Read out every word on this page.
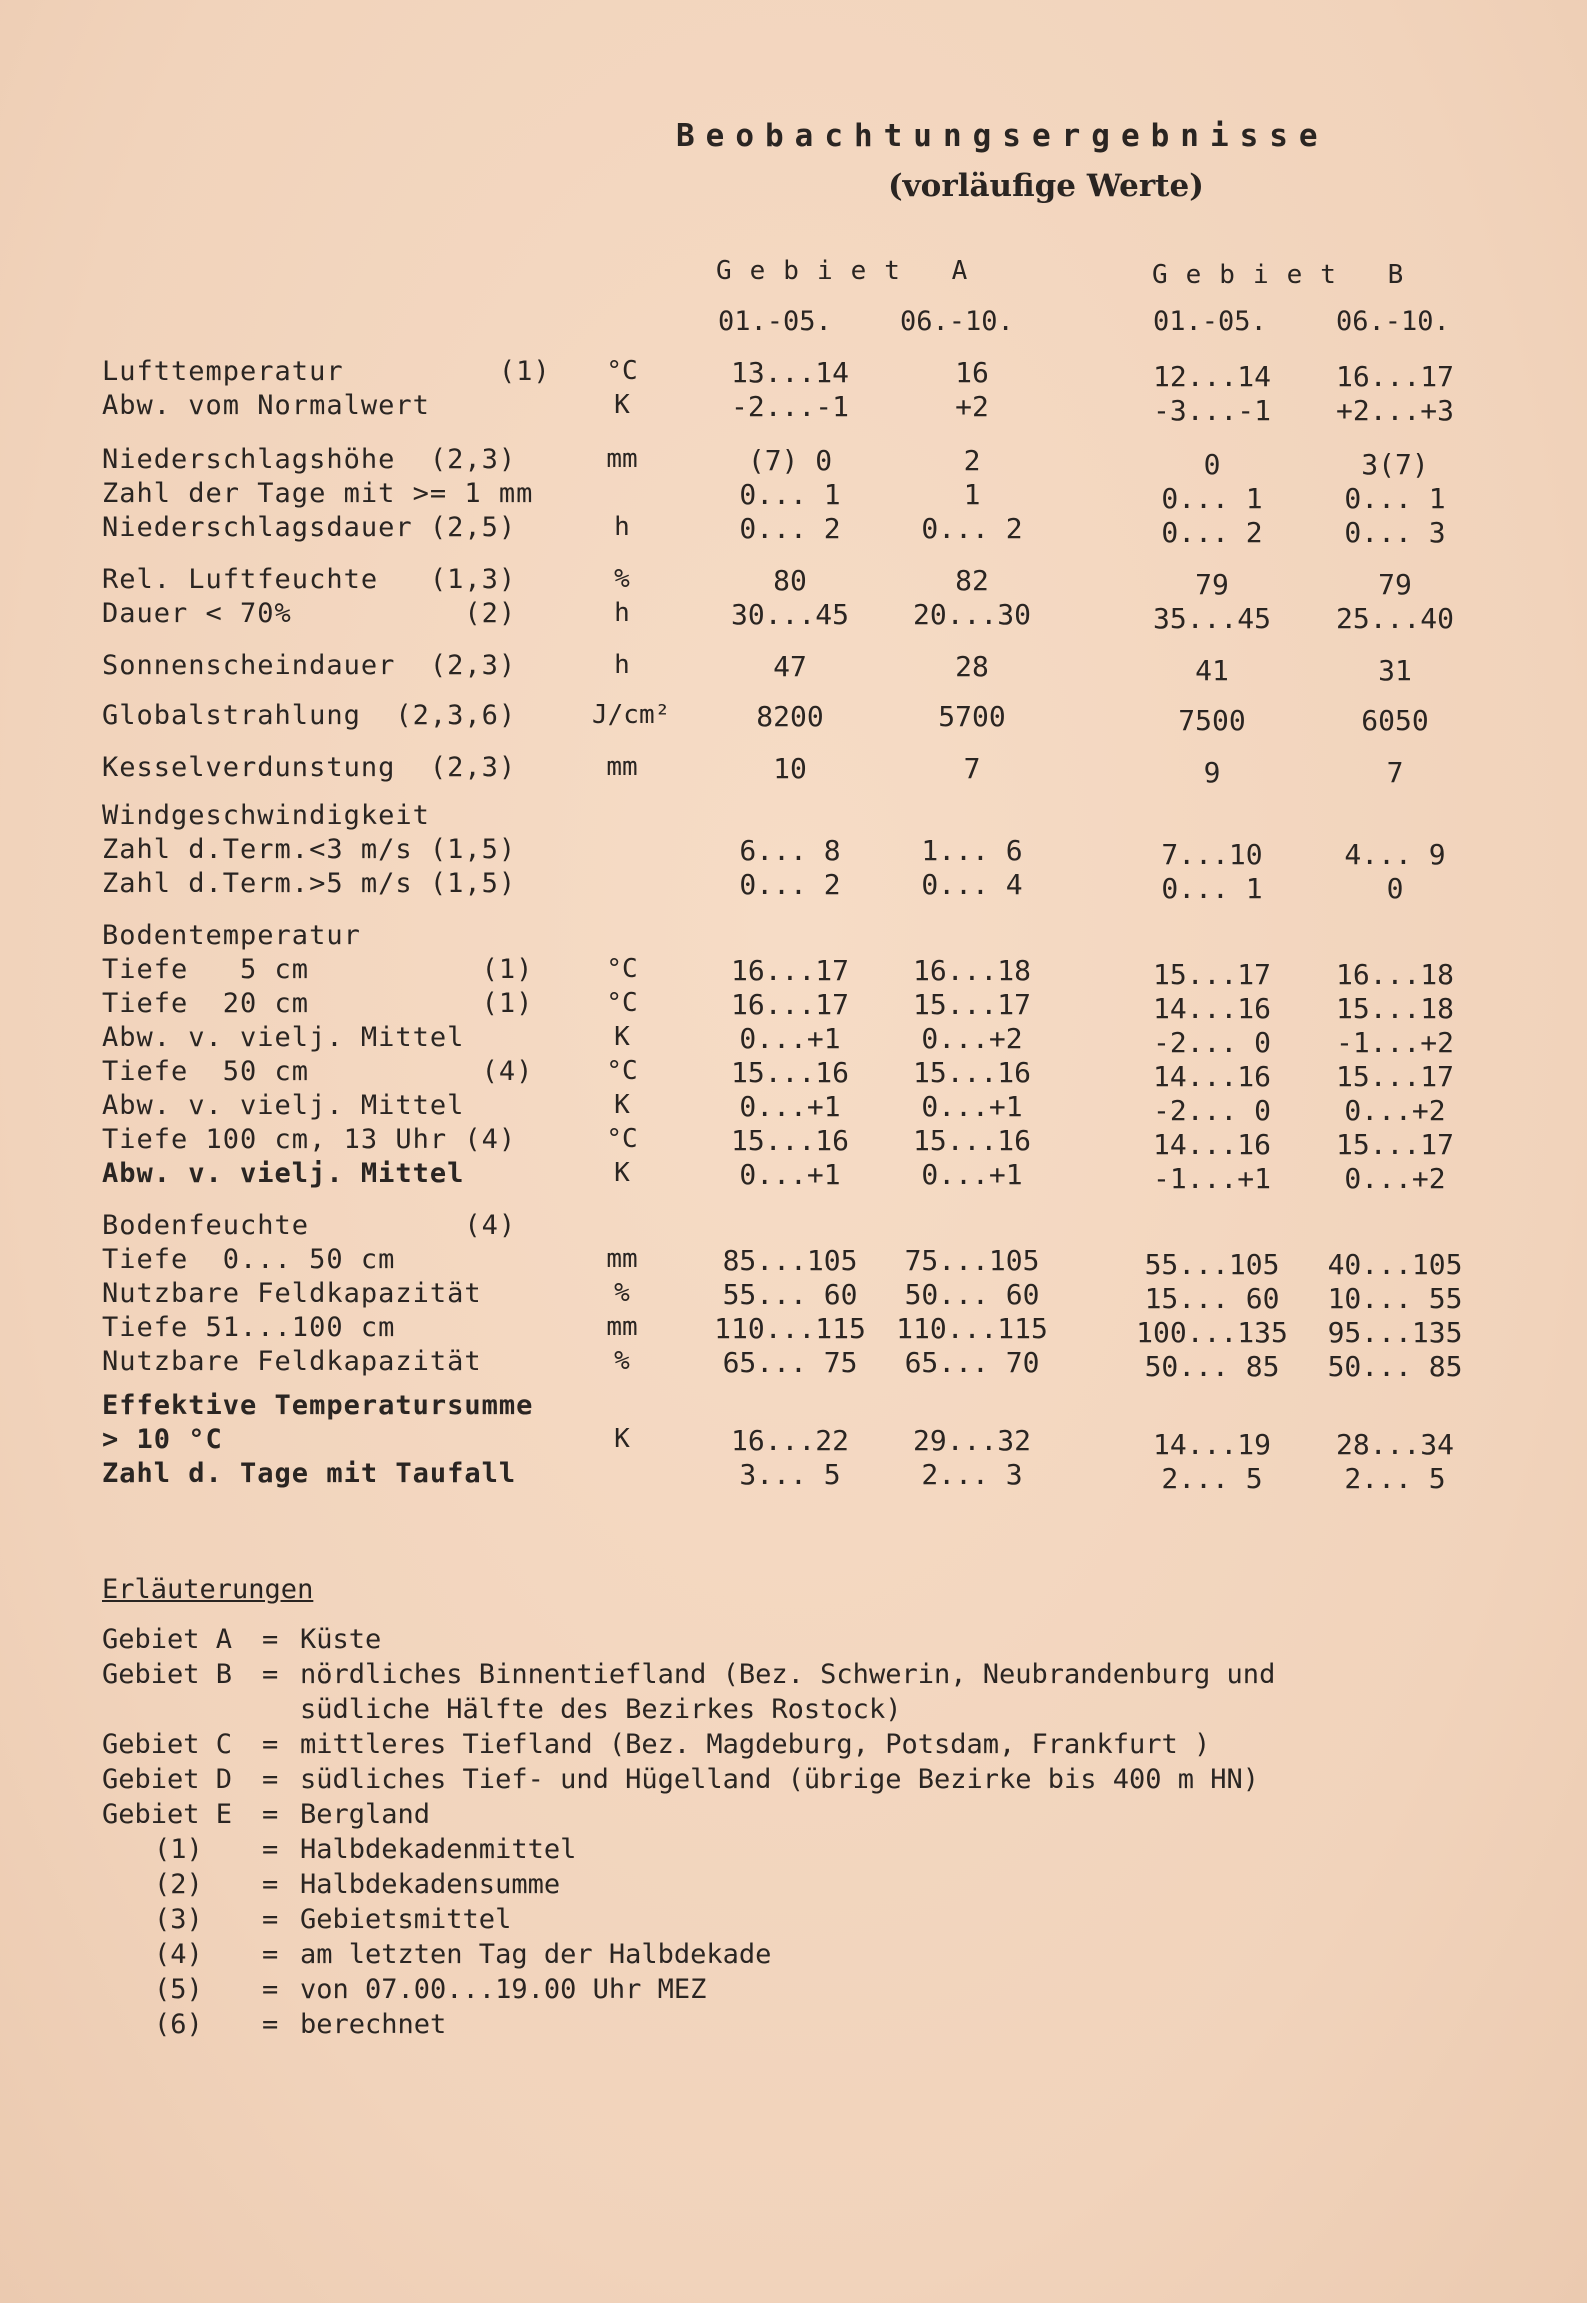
Beobachtungsergebnisse
(vorläufige Werte)
Gebiet A	Gebiet B
01.-05.	06.-10.	01.-05.	06.-10.
Lufttemperatur         (1)	°C	13...14	16	12...14	16...17
Abw. vom Normalwert	K	-2...-1	+2	-3...-1	+2...+3
Niederschlagshöhe  (2,3)	mm	(7) 0	2	0	3(7)
Zahl der Tage mit >= 1 mm	0... 1	1	0... 1	0... 1
Niederschlagsdauer (2,5)	h	0... 2	0... 2	0... 2	0... 3
Rel. Luftfeuchte   (1,3)	%	80	82	79	79
Dauer < 70%          (2)	h	30...45	20...30	35...45	25...40
Sonnenscheindauer  (2,3)	h	47	28	41	31
Globalstrahlung  (2,3,6)	J/cm²	8200	5700	7500	6050
Kesselverdunstung  (2,3)	mm	10	7	9	7
Windgeschwindigkeit
Zahl d.Term.<3 m/s (1,5)	6... 8	1... 6	7...10	4... 9
Zahl d.Term.>5 m/s (1,5)	0... 2	0... 4	0... 1	0
Bodentemperatur
Tiefe   5 cm          (1)	°C	16...17	16...18	15...17	16...18
Tiefe  20 cm          (1)	°C	16...17	15...17	14...16	15...18
Abw. v. vielj. Mittel	K	0...+1	0...+2	-2... 0	-1...+2
Tiefe  50 cm          (4)	°C	15...16	15...16	14...16	15...17
Abw. v. vielj. Mittel	K	0...+1	0...+1	-2... 0	0...+2
Tiefe 100 cm, 13 Uhr (4)	°C	15...16	15...16	14...16	15...17
Abw. v. vielj. Mittel	K	0...+1	0...+1	-1...+1	0...+2
Bodenfeuchte         (4)
Tiefe  0... 50 cm	mm	85...105	75...105	55...105	40...105
Nutzbare Feldkapazität	%	55... 60	50... 60	15... 60	10... 55
Tiefe 51...100 cm	mm	110...115	110...115	100...135	95...135
Nutzbare Feldkapazität	%	65... 75	65... 70	50... 85	50... 85
Effektive Temperatursumme
> 10 °C	K	16...22	29...32	14...19	28...34
Zahl d. Tage mit Taufall	3... 5	2... 3	2... 5	2... 5
Erläuterungen
Gebiet A = Küste
Gebiet B = nördliches Binnentiefland (Bez. Schwerin, Neubrandenburg und
südliche Hälfte des Bezirkes Rostock)
Gebiet C = mittleres Tiefland (Bez. Magdeburg, Potsdam, Frankfurt )
Gebiet D = südliches Tief- und Hügelland (übrige Bezirke bis 400 m HN)
Gebiet E = Bergland
(1) = Halbdekadenmittel
(2) = Halbdekadensumme
(3) = Gebietsmittel
(4) = am letzten Tag der Halbdekade
(5) = von 07.00...19.00 Uhr MEZ
(6) = berechnet
